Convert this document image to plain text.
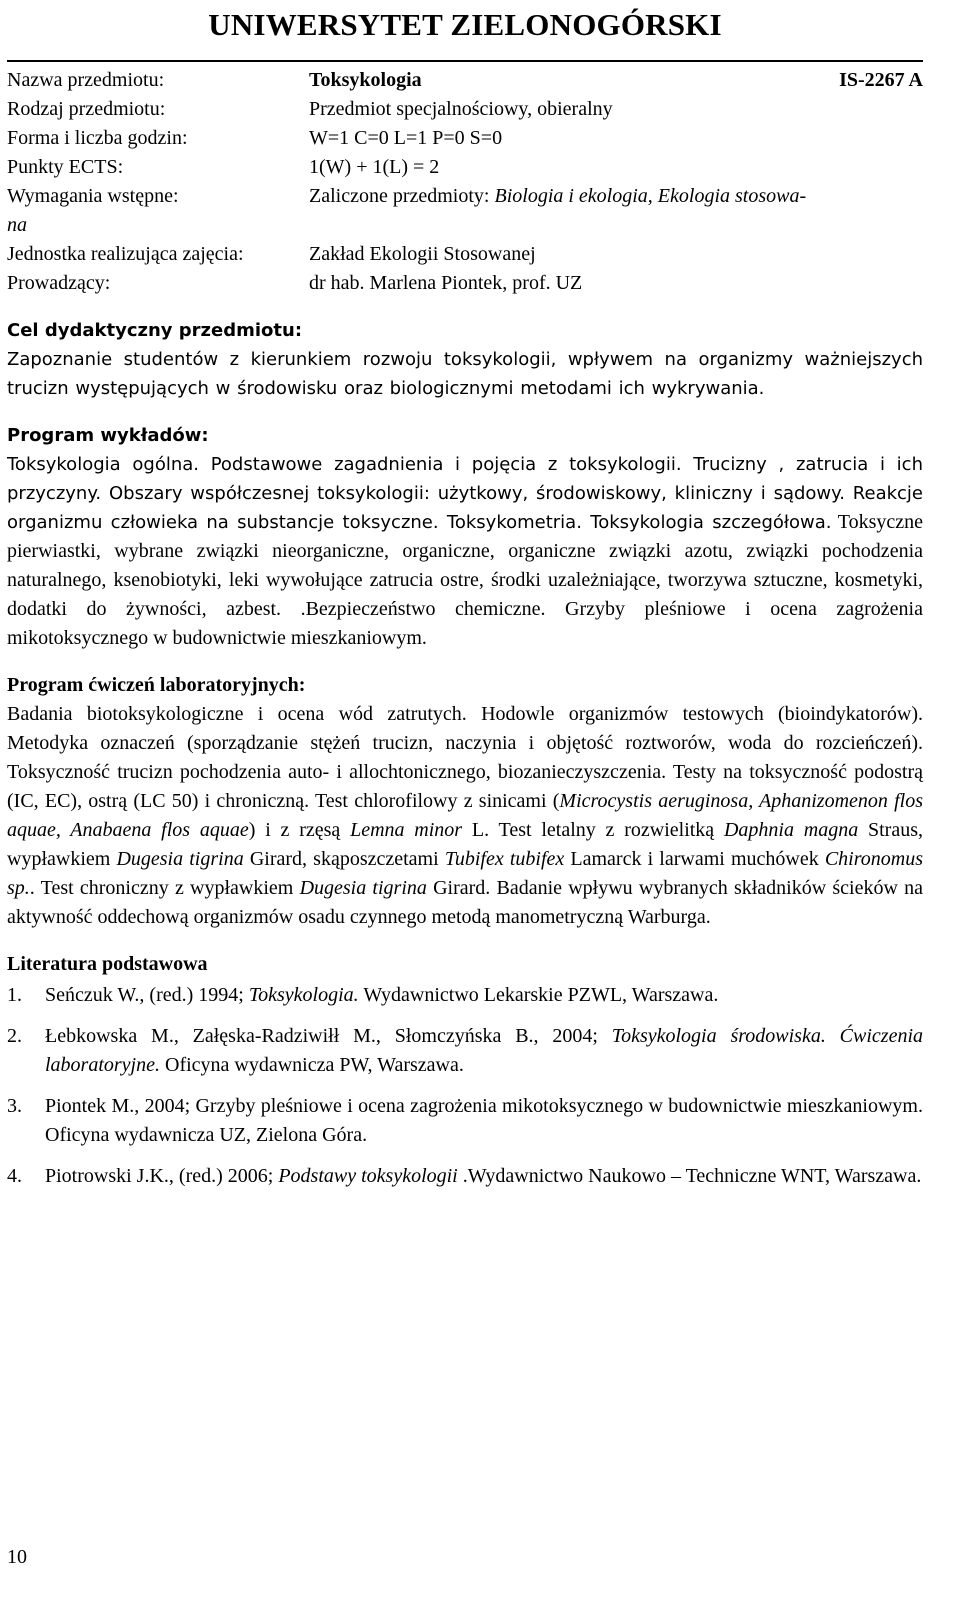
UNIWERSYTET ZIELONOGÓRSKI
Nazwa przedmiotu:	Toksykologia	IS-2267 A
Rodzaj przedmiotu:	Przedmiot specjalnościowy, obieralny
Forma i liczba godzin:	W=1 C=0 L=1 P=0 S=0
Punkty ECTS:	1(W) + 1(L) = 2
Wymagania wstępne:	Zaliczone przedmioty: Biologia i ekologia, Ekologia stosowa-
na
Jednostka realizująca zajęcia:	Zakład Ekologii Stosowanej
Prowadzący:	dr hab. Marlena Piontek, prof. UZ
Cel dydaktyczny przedmiotu:

Zapoznanie studentów z kierunkiem rozwoju toksykologii, wpływem na organizmy ważniejszych trucizn występujących w środowisku oraz biologicznymi metodami ich wykrywania.

Program wykładów:

Toksykologia ogólna. Podstawowe zagadnienia i pojęcia z toksykologii. Trucizny , zatrucia i ich przyczyny. Obszary współczesnej toksykologii: użytkowy, środowiskowy, kliniczny i sądowy. Reakcje organizmu człowieka na substancje toksyczne. Toksykometria. Toksykologia szczegółowa. Toksyczne pierwiastki, wybrane związki nieorganiczne, organiczne, organiczne związki azotu, związki pochodzenia naturalnego, ksenobiotyki, leki wywołujące zatrucia ostre, środki uzależniające, tworzywa sztuczne, kosmetyki, dodatki do żywności, azbest. .Bezpieczeństwo chemiczne. Grzyby pleśniowe i ocena zagrożenia mikotoksycznego w budownictwie mieszkaniowym.

Program ćwiczeń laboratoryjnych:

Badania biotoksykologiczne i ocena wód zatrutych. Hodowle organizmów testowych (bioindykatorów). Metodyka oznaczeń (sporządzanie stężeń trucizn, naczynia i objętość roztworów, woda do rozcieńczeń). Toksyczność trucizn pochodzenia auto- i allochtonicznego, biozanieczyszczenia. Testy na toksyczność podostrą (IC, EC), ostrą (LC 50) i chroniczną. Test chlorofilowy z sinicami (Microcystis aeruginosa, Aphanizomenon flos aquae, Anabaena flos aquae) i z rzęsą Lemna minor L. Test letalny z rozwielitką Daphnia magna Straus, wypławkiem Dugesia tigrina Girard, skąposzczetami Tubifex tubifex Lamarck i larwami muchówek Chironomus sp.. Test chroniczny z wypławkiem Dugesia tigrina Girard. Badanie wpływu wybranych składników ścieków na aktywność oddechową organizmów osadu czynnego metodą manometryczną Warburga.

Literatura podstawowa
1.	Seńczuk W., (red.) 1994; Toksykologia. Wydawnictwo Lekarskie PZWL, Warszawa.
2.	Łebkowska M., Załęska-Radziwiłł M., Słomczyńska B., 2004; Toksykologia środowiska. Ćwiczenia laboratoryjne. Oficyna wydawnicza PW, Warszawa.
3.	Piontek M., 2004; Grzyby pleśniowe i ocena zagrożenia mikotoksycznego w budownictwie mieszkaniowym. Oficyna wydawnicza UZ, Zielona Góra.
4.	Piotrowski J.K., (red.) 2006; Podstawy toksykologii .Wydawnictwo Naukowo – Techniczne WNT, Warszawa.
10
